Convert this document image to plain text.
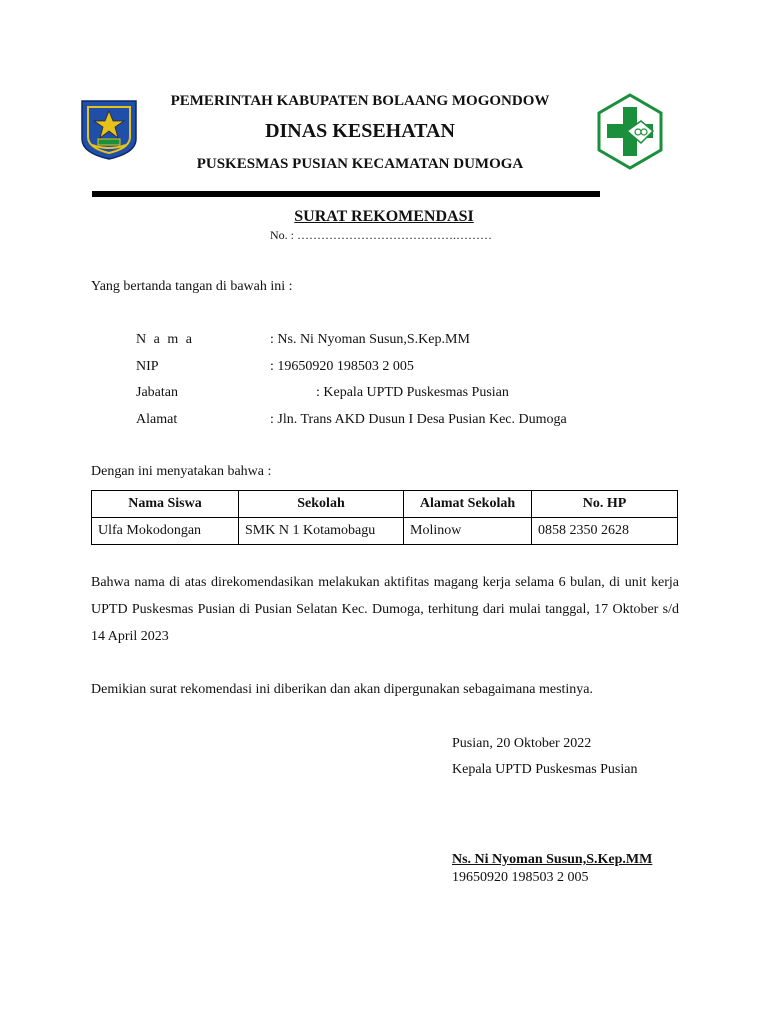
PEMERINTAH KABUPATEN BOLAANG MOGONDOW
DINAS KESEHATAN
PUSKESMAS PUSIAN KECAMATAN DUMOGA
SURAT REKOMENDASI
No. : ………………………………….………
Yang bertanda tangan di bawah ini :
N a m a	: Ns. Ni Nyoman Susun,S.Kep.MM
NIP	: 19650920 198503 2 005
Jabatan	: Kepala UPTD Puskesmas Pusian
Alamat	: Jln. Trans AKD Dusun I Desa Pusian Kec. Dumoga
Dengan ini menyatakan bahwa :
Nama Siswa	Sekolah	Alamat Sekolah	No. HP
Ulfa Mokodongan	SMK N 1 Kotamobagu	Molinow	0858 2350 2628
Bahwa nama di atas direkomendasikan melakukan aktifitas magang kerja selama 6 bulan, di unit kerja UPTD Puskesmas Pusian di Pusian Selatan Kec. Dumoga, terhitung dari mulai tanggal, 17 Oktober s/d 14 April 2023
Demikian surat rekomendasi ini diberikan dan akan dipergunakan sebagaimana mestinya.
Pusian, 20 Oktober 2022
Kepala UPTD Puskesmas Pusian
Ns. Ni Nyoman Susun,S.Kep.MM
19650920 198503 2 005
